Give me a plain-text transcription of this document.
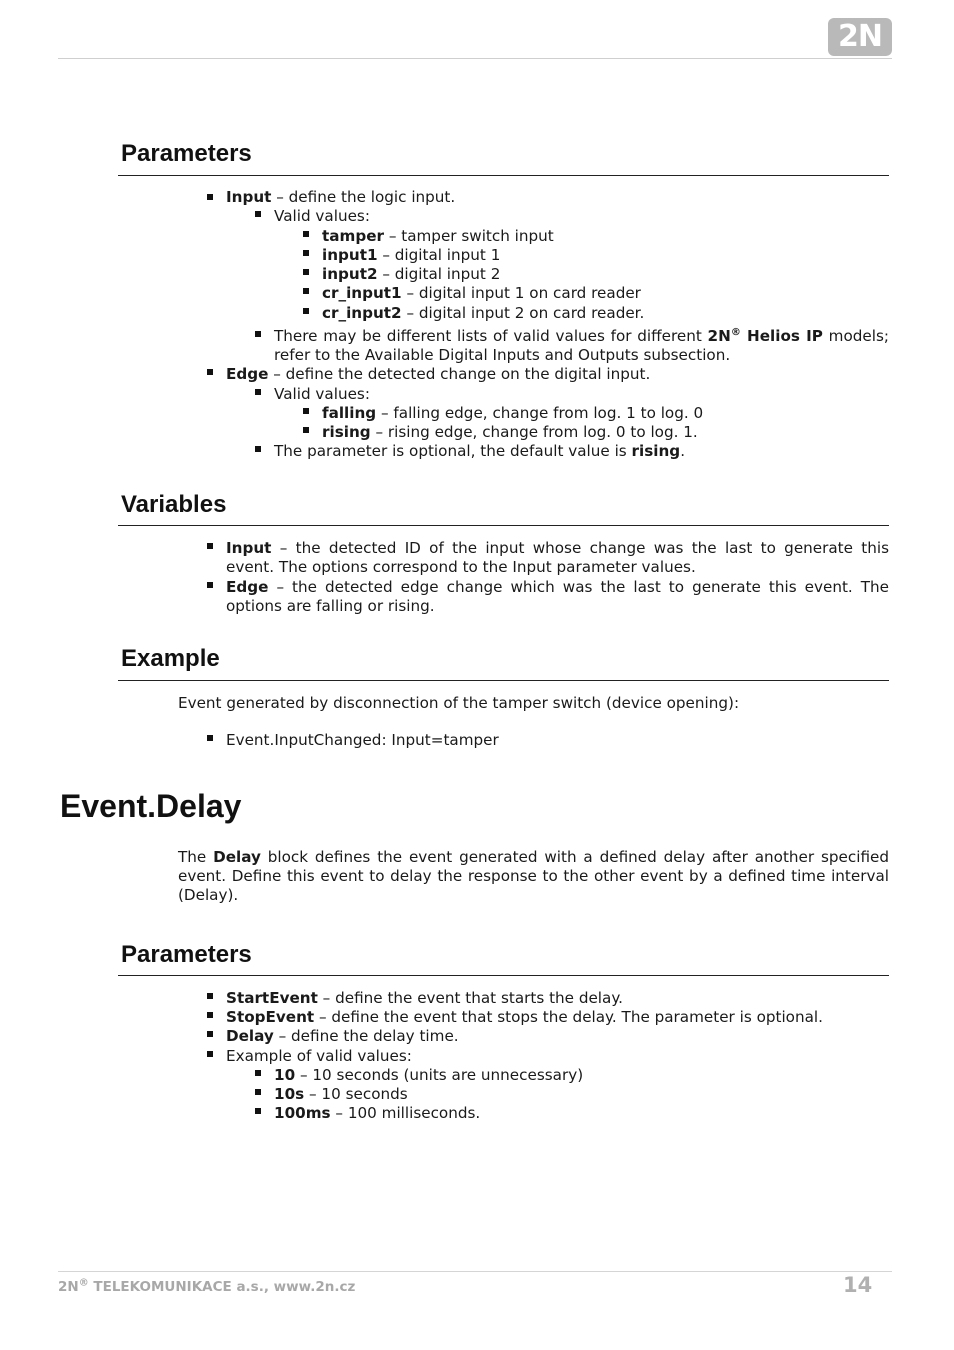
2N
Parameters
Input – define the logic input.
Valid values:
tamper – tamper switch input
input1 – digital input 1
input2 – digital input 2
cr_input1 – digital input 1 on card reader
cr_input2 – digital input 2 on card reader.
There may be different lists of valid values for different 2N® Helios IP models; refer to the Available Digital Inputs and Outputs subsection.
Edge – define the detected change on the digital input.
Valid values:
falling – falling edge, change from log. 1 to log. 0
rising – rising edge, change from log. 0 to log. 1.
The parameter is optional, the default value is rising.
Variables
Input – the detected ID of the input whose change was the last to generate this event. The options correspond to the Input parameter values.
Edge – the detected edge change which was the last to generate this event. The options are falling or rising.
Example
Event generated by disconnection of the tamper switch (device opening):
Event.InputChanged: Input=tamper
Event.Delay
The Delay block defines the event generated with a defined delay after another specified event. Define this event to delay the response to the other event by a defined time interval (Delay).
Parameters
StartEvent – define the event that starts the delay.
StopEvent – define the event that stops the delay. The parameter is optional.
Delay – define the delay time.
Example of valid values:
10 – 10 seconds (units are unnecessary)
10s – 10 seconds
100ms – 100 milliseconds.
2N® TELEKOMUNIKACE a.s., www.2n.cz	14
